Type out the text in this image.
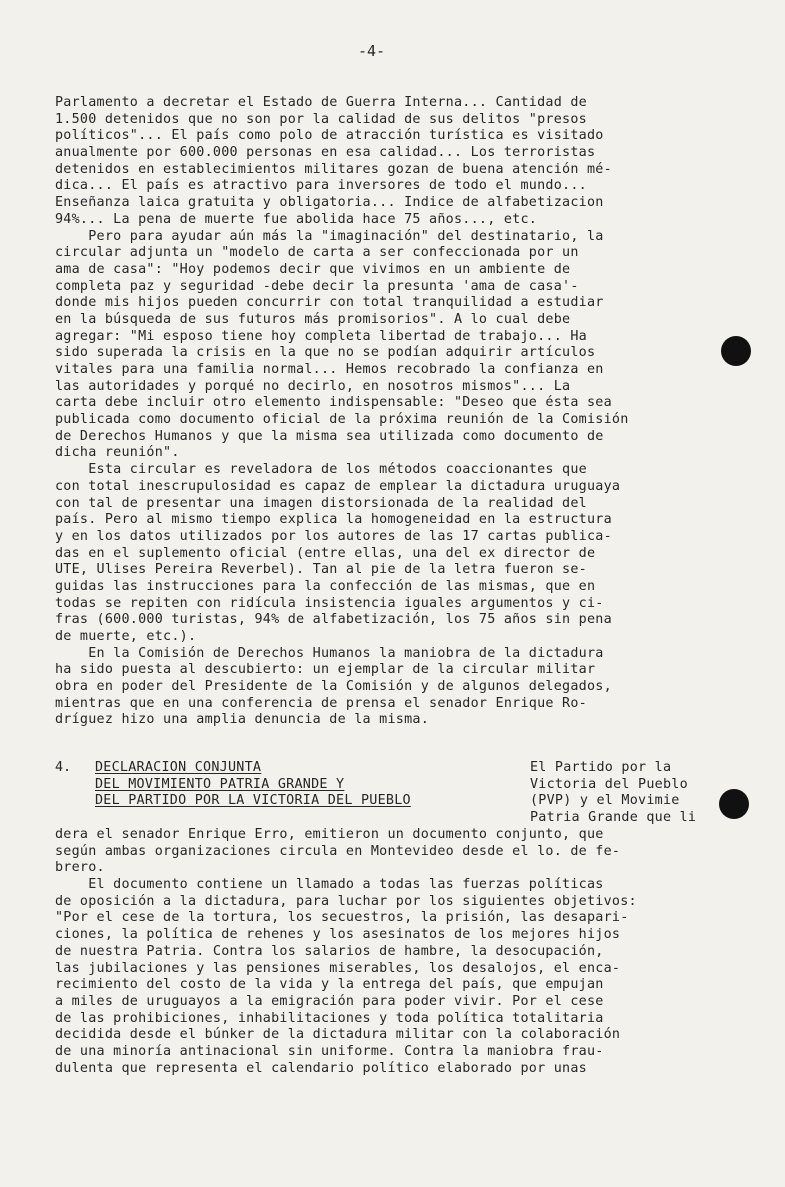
-4-
Parlamento a decretar el Estado de Guerra Interna... Cantidad de
1.500 detenidos que no son por la calidad de sus delitos "presos
políticos"... El país como polo de atracción turística es visitado
anualmente por 600.000 personas en esa calidad... Los terroristas
detenidos en establecimientos militares gozan de buena atención mé-
dica... El país es atractivo para inversores de todo el mundo...
Enseñanza laica gratuita y obligatoria... Indice de alfabetizacion
94%... La pena de muerte fue abolida hace 75 años..., etc.
Pero para ayudar aún más la "imaginación" del destinatario, la
circular adjunta un "modelo de carta a ser confeccionada por un
ama de casa": "Hoy podemos decir que vivimos en un ambiente de
completa paz y seguridad -debe decir la presunta 'ama de casa'-
donde mis hijos pueden concurrir con total tranquilidad a estudiar
en la búsqueda de sus futuros más promisorios". A lo cual debe
agregar: "Mi esposo tiene hoy completa libertad de trabajo... Ha
sido superada la crisis en la que no se podían adquirir artículos
vitales para una familia normal... Hemos recobrado la confianza en
las autoridades y porqué no decirlo, en nosotros mismos"... La
carta debe incluir otro elemento indispensable: "Deseo que ésta sea
publicada como documento oficial de la próxima reunión de la Comisión
de Derechos Humanos y que la misma sea utilizada como documento de
dicha reunión".
Esta circular es reveladora de los métodos coaccionantes que
con total inescrupulosidad es capaz de emplear la dictadura uruguaya
con tal de presentar una imagen distorsionada de la realidad del
país. Pero al mismo tiempo explica la homogeneidad en la estructura
y en los datos utilizados por los autores de las 17 cartas publica-
das en el suplemento oficial (entre ellas, una del ex director de
UTE, Ulises Pereira Reverbel). Tan al pie de la letra fueron se-
guidas las instrucciones para la confección de las mismas, que en
todas se repiten con ridícula insistencia iguales argumentos y ci-
fras (600.000 turistas, 94% de alfabetización, los 75 años sin pena
de muerte, etc.).
En la Comisión de Derechos Humanos la maniobra de la dictadura
ha sido puesta al descubierto: un ejemplar de la circular militar
obra en poder del Presidente de la Comisión y de algunos delegados,
mientras que en una conferencia de prensa el senador Enrique Ro-
dríguez hizo una amplia denuncia de la misma.
4. DECLARACION CONJUNTA
DEL MOVIMIENTO PATRIA GRANDE Y
DEL PARTIDO POR LA VICTORIA DEL PUEBLO
El Partido por la
Victoria del Pueblo
(PVP) y el Movimie
Patria Grande que li
dera el senador Enrique Erro, emitieron un documento conjunto, que
según ambas organizaciones circula en Montevideo desde el lo. de fe-
brero.
El documento contiene un llamado a todas las fuerzas políticas
de oposición a la dictadura, para luchar por los siguientes objetivos:
"Por el cese de la tortura, los secuestros, la prisión, las desapari-
ciones, la política de rehenes y los asesinatos de los mejores hijos
de nuestra Patria. Contra los salarios de hambre, la desocupación,
las jubilaciones y las pensiones miserables, los desalojos, el enca-
recimiento del costo de la vida y la entrega del país, que empujan
a miles de uruguayos a la emigración para poder vivir. Por el cese
de las prohibiciones, inhabilitaciones y toda política totalitaria
decidida desde el búnker de la dictadura militar con la colaboración
de una minoría antinacional sin uniforme. Contra la maniobra frau-
dulenta que representa el calendario político elaborado por unas
